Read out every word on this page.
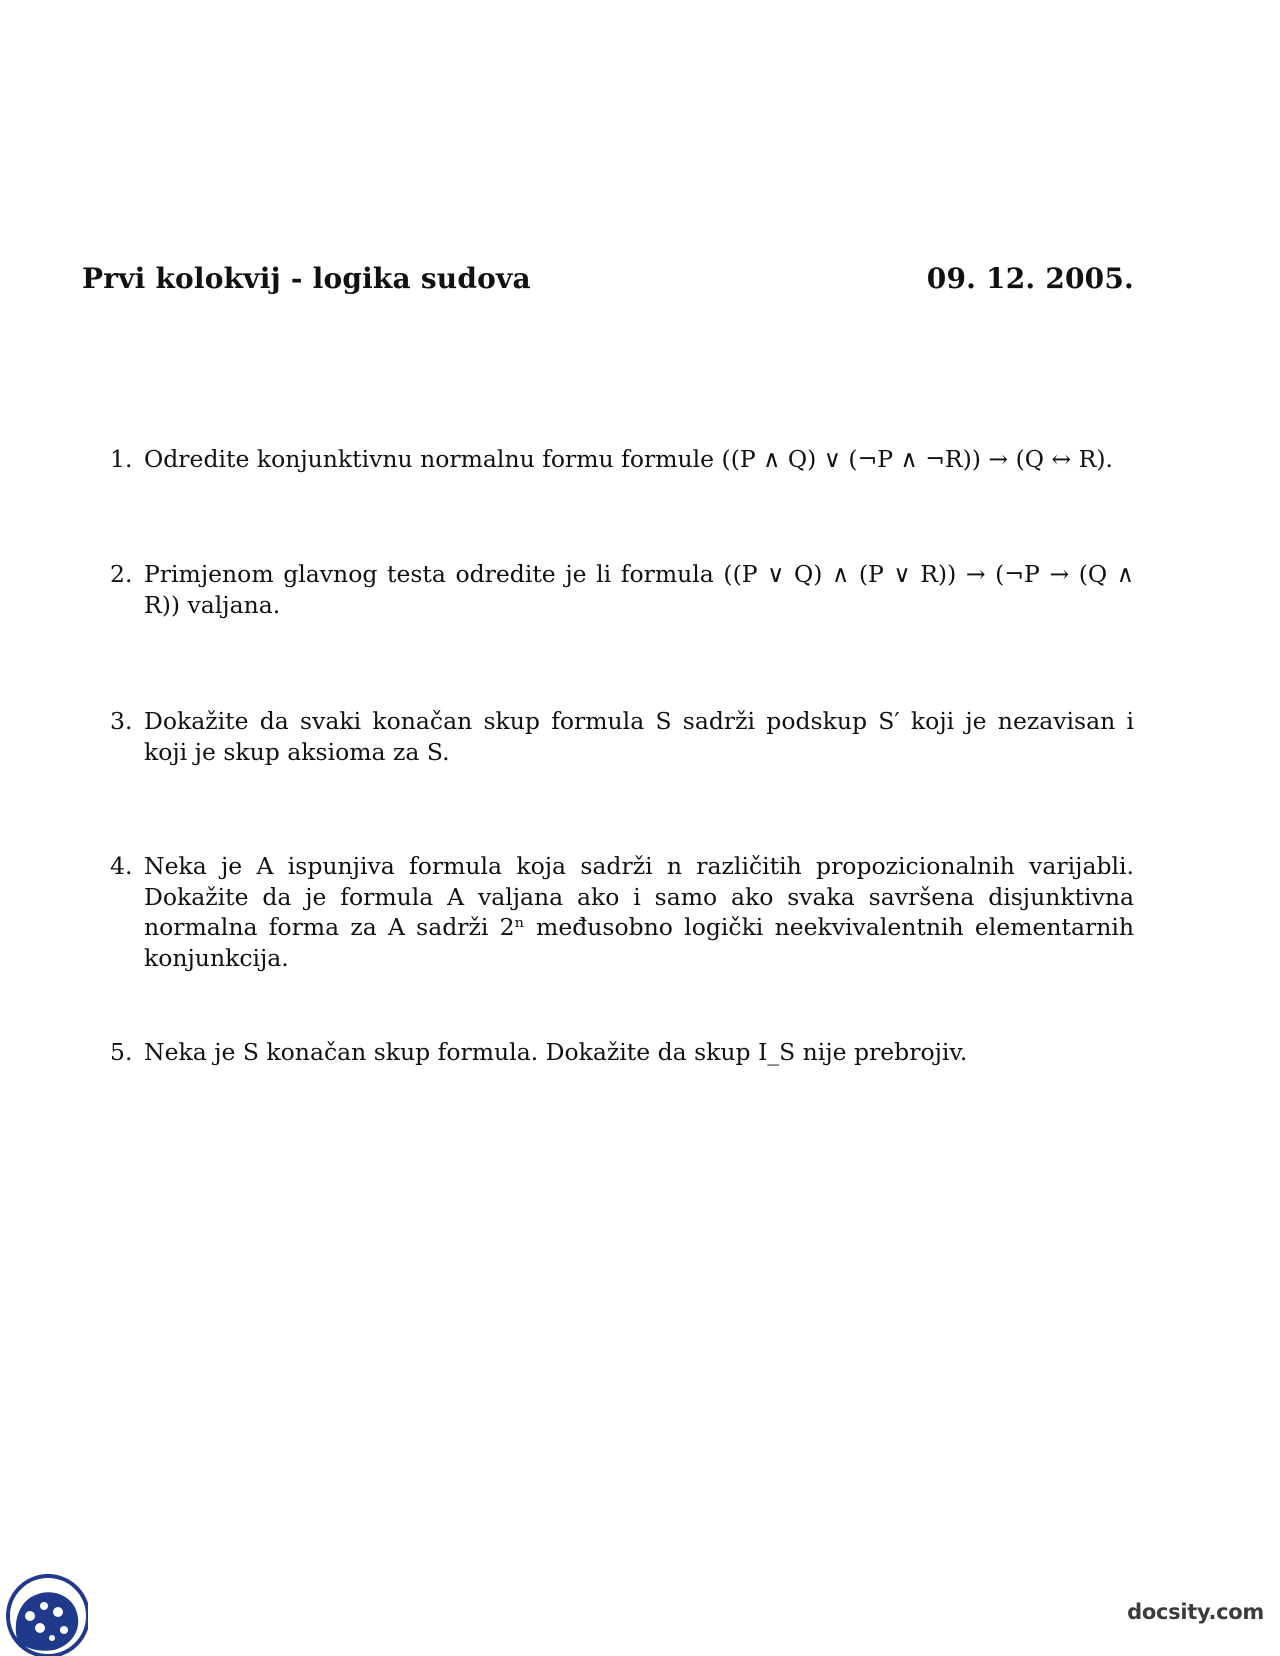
Prvi kolokvij - logika sudova	09. 12. 2005.
1. Odredite konjunktivnu normalnu formu formule ((P ∧ Q) ∨ (¬P ∧ ¬R)) → (Q ↔ R).
2. Primjenom glavnog testa odredite je li formula ((P ∨ Q) ∧ (P ∨ R)) → (¬P → (Q ∧ R)) valjana.
3. Dokažite da svaki konačan skup formula S sadrži podskup S′ koji je nezavisan i koji je skup aksioma za S.
4. Neka je A ispunjiva formula koja sadrži n različitih propozicionalnih varijabli. Dokažite da je formula A valjana ako i samo ako svaka savršena disjunktivna normalna forma za A sadrži 2ⁿ međusobno logički neekvivalentnih elementarnih konjunkcija.
5. Neka je S konačan skup formula. Dokažite da skup I_S nije prebrojiv.
docsity.com
